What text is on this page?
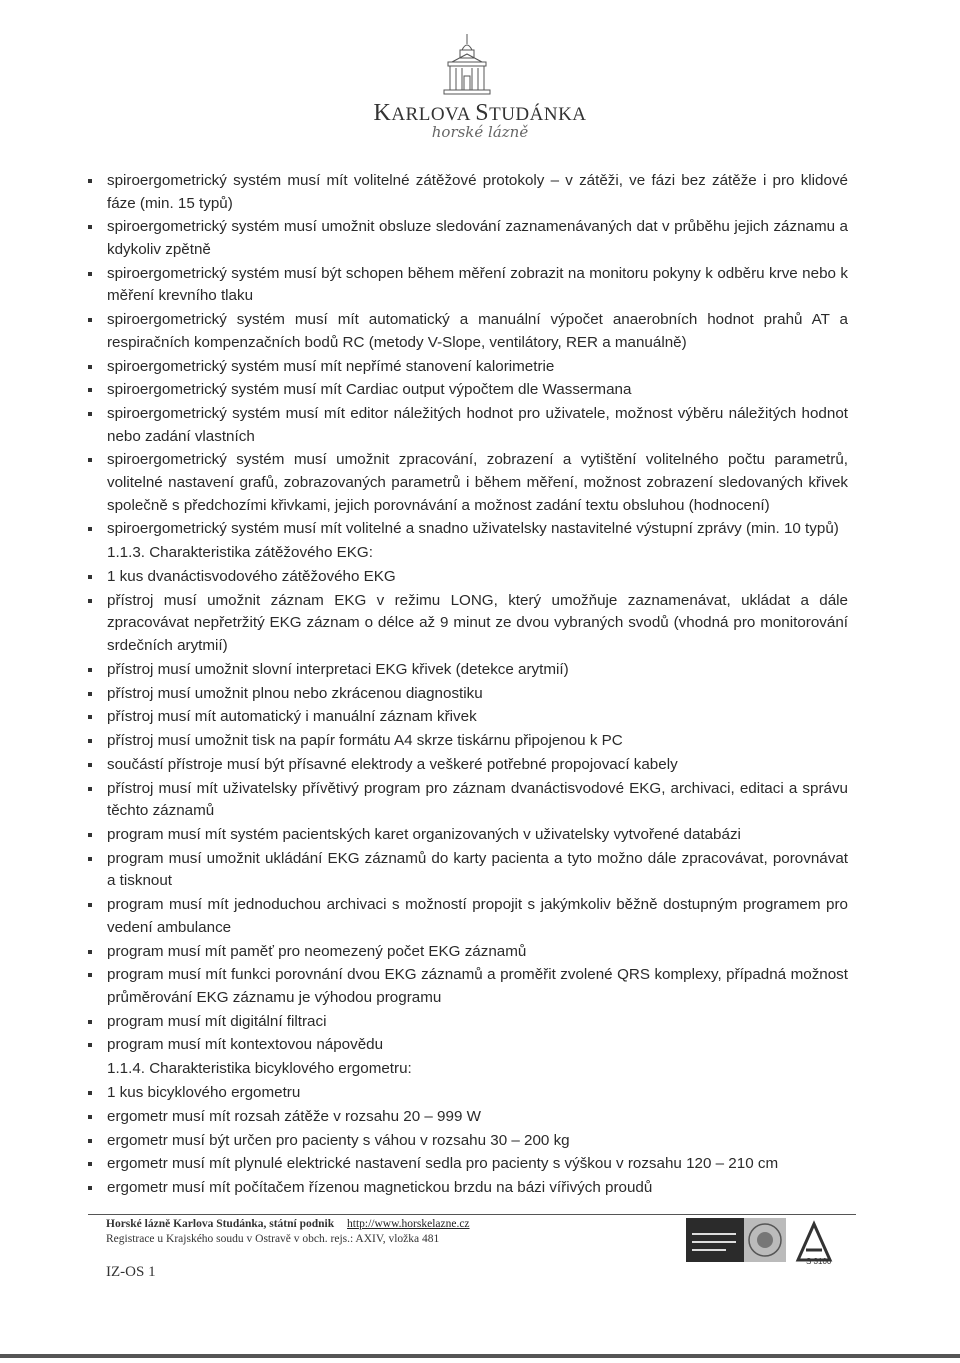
KARLOVA STUDÁNKA
horské lázně
spiroergometrický systém musí mít volitelné zátěžové protokoly – v zátěži, ve fázi bez zátěže i pro klidové fáze (min. 15 typů)
spiroergometrický systém musí umožnit obsluze sledování zaznamenávaných dat v průběhu jejich záznamu a kdykoliv zpětně
spiroergometrický systém musí být schopen během měření zobrazit na monitoru pokyny k odběru krve nebo k měření krevního tlaku
spiroergometrický systém musí mít automatický a manuální výpočet anaerobních hodnot prahů AT a respiračních kompenzačních bodů RC (metody V-Slope, ventilátory, RER a manuálně)
spiroergometrický systém musí mít nepřímé stanovení kalorimetrie
spiroergometrický systém musí mít Cardiac output výpočtem dle Wassermana
spiroergometrický systém musí mít editor náležitých hodnot pro uživatele, možnost výběru náležitých hodnot nebo zadání vlastních
spiroergometrický systém musí umožnit zpracování, zobrazení a vytištění volitelného počtu parametrů, volitelné nastavení grafů, zobrazovaných parametrů i během měření, možnost zobrazení sledovaných křivek společně s předchozími křivkami, jejich porovnávání a možnost zadání textu obsluhou (hodnocení)
spiroergometrický systém musí mít volitelné a snadno uživatelsky nastavitelné výstupní zprávy (min. 10 typů)
1.1.3. Charakteristika zátěžového EKG:
1 kus dvanáctisvodového zátěžového EKG
přístroj musí umožnit záznam EKG v režimu LONG, který umožňuje zaznamenávat, ukládat a dále zpracovávat nepřetržitý EKG záznam o délce až 9 minut ze dvou vybraných svodů (vhodná pro monitorování srdečních arytmií)
přístroj musí umožnit slovní interpretaci EKG křivek (detekce arytmií)
přístroj musí umožnit plnou nebo zkrácenou diagnostiku
přístroj musí mít automatický i manuální záznam křivek
přístroj musí umožnit tisk na papír formátu A4 skrze tiskárnu připojenou k PC
součástí přístroje musí být přísavné elektrody a veškeré potřebné propojovací kabely
přístroj musí mít uživatelsky přívětivý program pro záznam dvanáctisvodové EKG, archivaci, editaci a správu těchto záznamů
program musí mít systém pacientských karet organizovaných v uživatelsky vytvořené databázi
program musí umožnit ukládání EKG záznamů do karty pacienta a tyto možno dále zpracovávat, porovnávat a tisknout
program musí mít jednoduchou archivaci s možností propojit s jakýmkoliv běžně dostupným programem pro vedení ambulance
program musí mít paměť pro neomezený počet EKG záznamů
program musí mít funkci porovnání dvou EKG záznamů a proměřit zvolené QRS komplexy, případná možnost průměrování EKG záznamu je výhodou programu
program musí mít digitální filtraci
program musí mít kontextovou nápovědu
1.1.4. Charakteristika bicyklového ergometru:
1 kus bicyklového ergometru
ergometr musí mít rozsah zátěže v rozsahu 20 – 999 W
ergometr musí být určen pro pacienty s váhou v rozsahu 30 – 200 kg
ergometr musí mít plynulé elektrické nastavení sedla pro pacienty s výškou v rozsahu 120 – 210 cm
ergometr musí mít počítačem řízenou magnetickou brzdu na bázi vířivých proudů
Horské lázně Karlova Studánka, státní podnik http://www.horskelazne.cz
Registrace u Krajského soudu v Ostravě v obch. rejs.: AXIV, vložka 481
IZ-OS 1
S 3100
